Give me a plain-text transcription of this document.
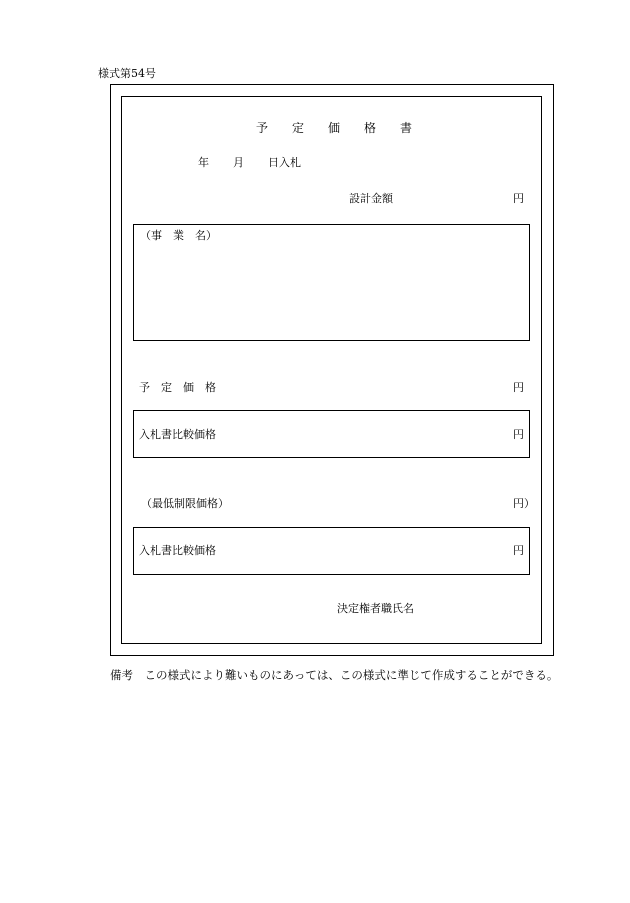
様式第54号
予　　定　　価　　格　　書
年 月 日入札
設計金額	円
（事　業　名）
予　定　価　格	円
入札書比較価格	円
（最低制限価格）	円）
入札書比較価格	円
決定権者職氏名
備考　この様式により難いものにあっては、この様式に準じて作成することができる。
